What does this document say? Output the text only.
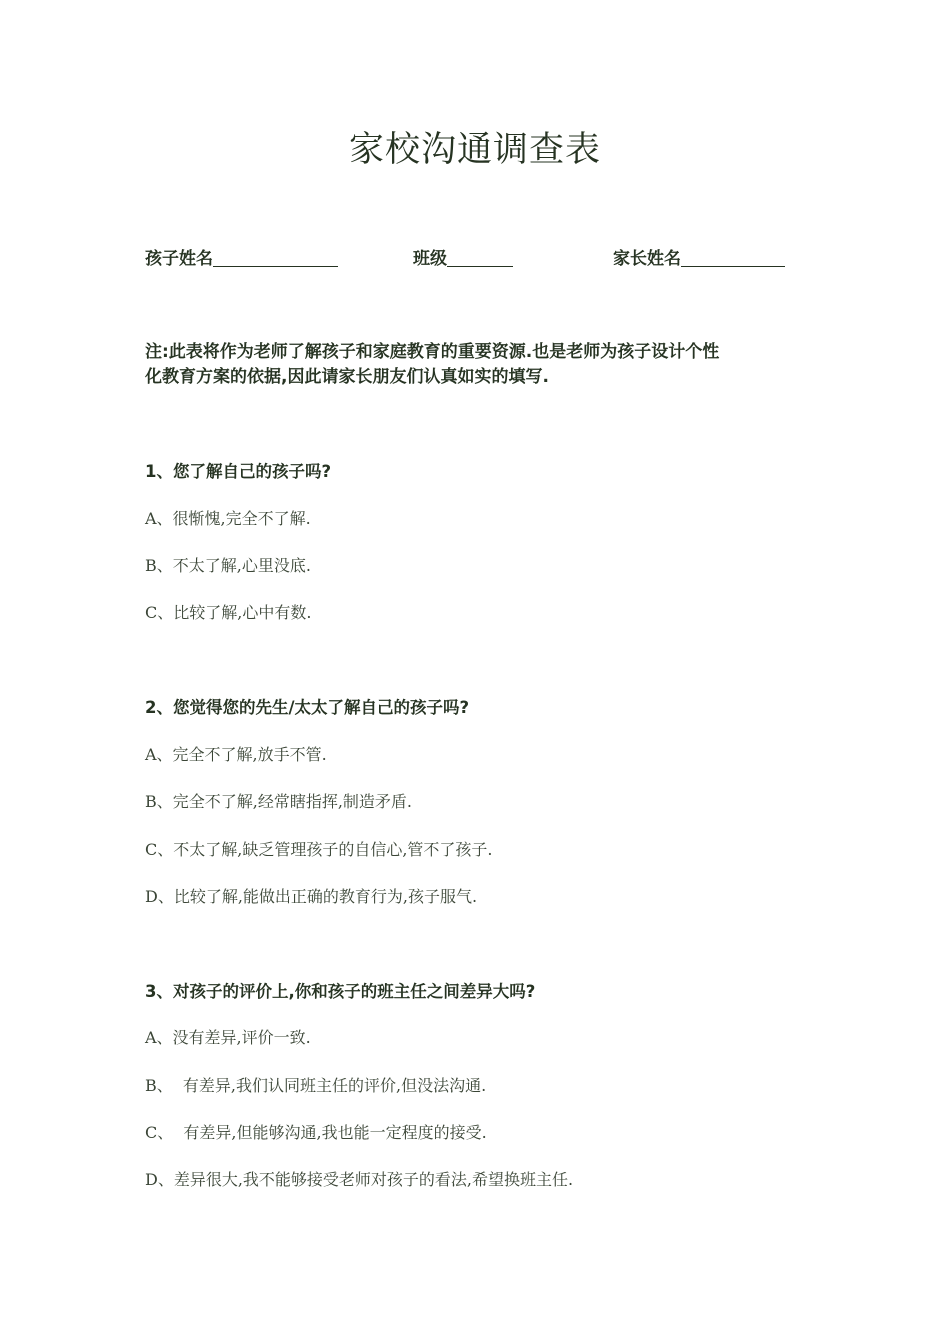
家校沟通调查表
孩子姓名	班级	家长姓名
注:此表将作为老师了解孩子和家庭教育的重要资源.也是老师为孩子设计个性
化教育方案的依据,因此请家长朋友们认真如实的填写.
1、您了解自己的孩子吗?
A、很惭愧,完全不了解.
B、不太了解,心里没底.
C、比较了解,心中有数.
2、您觉得您的先生/太太了解自己的孩子吗?
A、完全不了解,放手不管.
B、完全不了解,经常瞎指挥,制造矛盾.
C、不太了解,缺乏管理孩子的自信心,管不了孩子.
D、比较了解,能做出正确的教育行为,孩子服气.
3、对孩子的评价上,你和孩子的班主任之间差异大吗?
A、没有差异,评价一致.
B、  有差异,我们认同班主任的评价,但没法沟通.
C、  有差异,但能够沟通,我也能一定程度的接受.
D、差异很大,我不能够接受老师对孩子的看法,希望换班主任.
